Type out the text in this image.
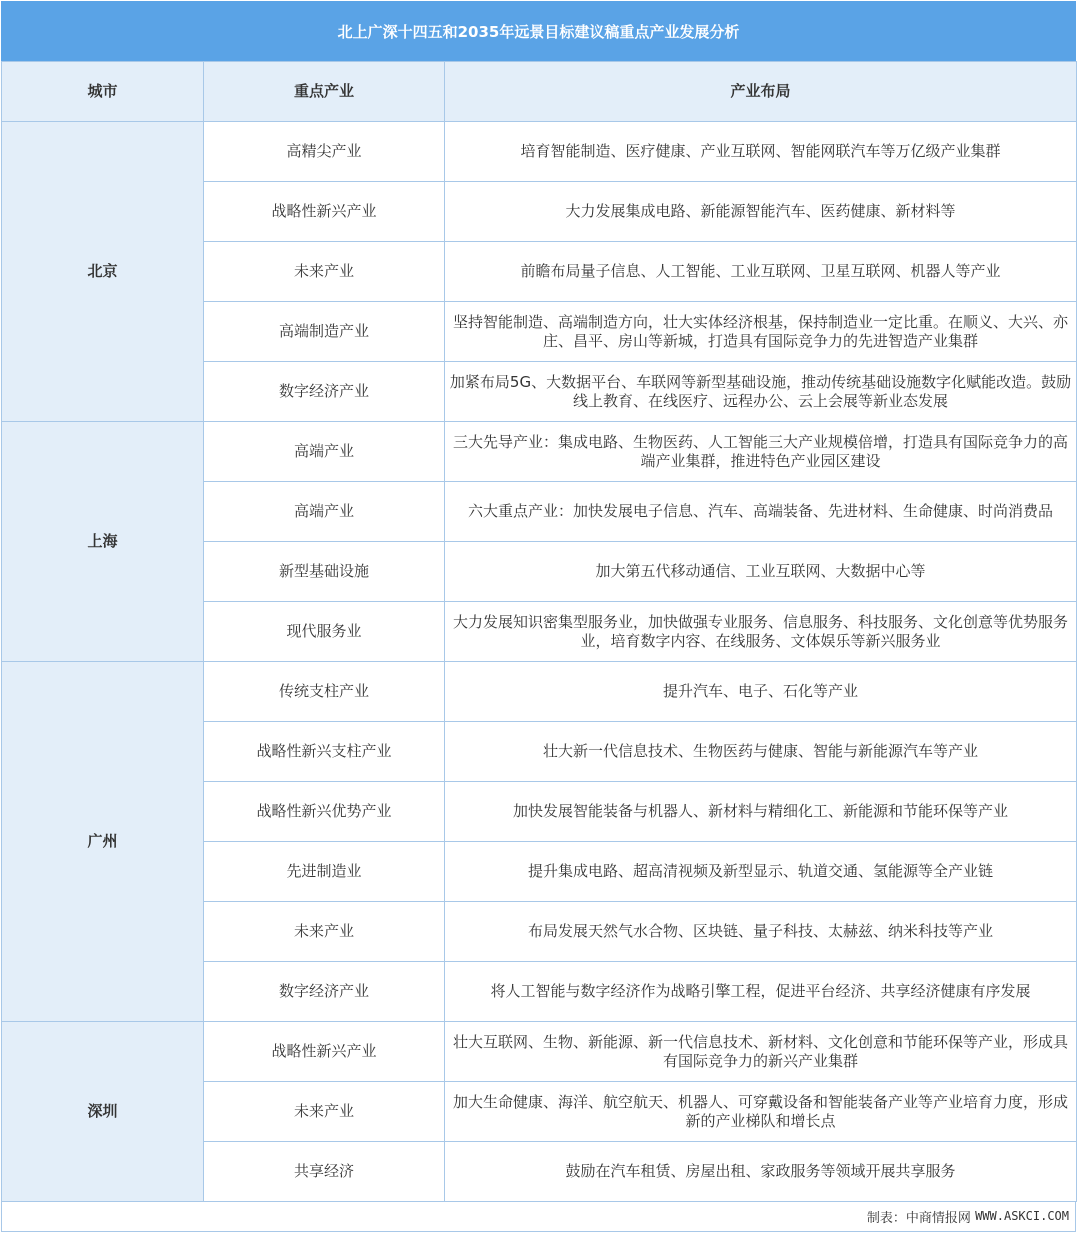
北上广深十四五和2035年远景目标建议稿重点产业发展分析
城市	重点产业	产业布局
北京	高精尖产业	培育智能制造、医疗健康、产业互联网、智能网联汽车等万亿级产业集群
	战略性新兴产业	大力发展集成电路、新能源智能汽车、医药健康、新材料等
	未来产业	前瞻布局量子信息、人工智能、工业互联网、卫星互联网、机器人等产业
	高端制造产业	坚持智能制造、高端制造方向，壮大实体经济根基，保持制造业一定比重。在顺义、大兴、亦庄、昌平、房山等新城，打造具有国际竞争力的先进智造产业集群
	数字经济产业	加紧布局5G、大数据平台、车联网等新型基础设施，推动传统基础设施数字化赋能改造。鼓励线上教育、在线医疗、远程办公、云上会展等新业态发展
上海	高端产业	三大先导产业：集成电路、生物医药、人工智能三大产业规模倍增，打造具有国际竞争力的高端产业集群，推进特色产业园区建设
	高端产业	六大重点产业：加快发展电子信息、汽车、高端装备、先进材料、生命健康、时尚消费品
	新型基础设施	加大第五代移动通信、工业互联网、大数据中心等
	现代服务业	大力发展知识密集型服务业，加快做强专业服务、信息服务、科技服务、文化创意等优势服务业，培育数字内容、在线服务、文体娱乐等新兴服务业
广州	传统支柱产业	提升汽车、电子、石化等产业
	战略性新兴支柱产业	壮大新一代信息技术、生物医药与健康、智能与新能源汽车等产业
	战略性新兴优势产业	加快发展智能装备与机器人、新材料与精细化工、新能源和节能环保等产业
	先进制造业	提升集成电路、超高清视频及新型显示、轨道交通、氢能源等全产业链
	未来产业	布局发展天然气水合物、区块链、量子科技、太赫兹、纳米科技等产业
	数字经济产业	将人工智能与数字经济作为战略引擎工程，促进平台经济、共享经济健康有序发展
深圳	战略性新兴产业	壮大互联网、生物、新能源、新一代信息技术、新材料、文化创意和节能环保等产业，形成具有国际竞争力的新兴产业集群
	未来产业	加大生命健康、海洋、航空航天、机器人、可穿戴设备和智能装备产业等产业培育力度，形成新的产业梯队和增长点
	共享经济	鼓励在汽车租赁、房屋出租、家政服务等领域开展共享服务
制表：中商情报网
WWW.ASKCI.COM
